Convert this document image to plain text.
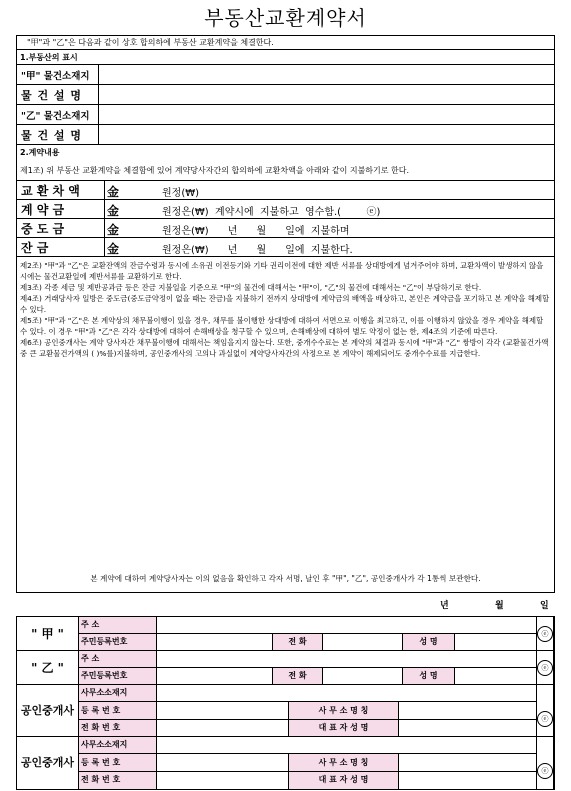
부동산교환계약서
"甲"과 "乙"은 다음과 같이 상호 합의하에 부동산 교환계약을 체결한다.
1.부동산의 표시
"甲" 물건소재지
물 건 설 명
"乙" 물건소재지
물 건 설 명
2.계약내용
제1조) 위 부동산 교환계약을 체결함에 있어 계약당사자간의 합의하에 교환차액을 아래와 같이 지불하기로 한다.
교 환 차 액	金	원정(₩)
계 약 금	金	원정은(₩)  계약시에  지불하고  영수함.(        ⓔ)
중 도 금	金	원정은(₩)      년      월      일에  지불하며
잔 금	金	원정은(₩)      년      월      일에  지불한다.
제2조) "甲"과 "乙"은 교환잔액의 잔금수령과 동시에 소유권 이전등기와 기타 권리이전에 대한 제반 서류를 상대방에게 넘겨주어야 하며, 교환차액이 발생하지 않을 시에는 물건교환일에 제반서류를 교환하기로 한다.
제3조) 각종 세금 및 제반공과금 등은 잔금 지불일을 기준으로 "甲"의 물건에 대해서는 "甲"이, "乙"의 물건에 대해서는 "乙"이 부담하기로 한다.
제4조) 거래당사자 일방은 중도금(중도금약정이 없을 때는 잔금)을 지불하기 전까지 상대방에 계약금의 배액을 배상하고, 본인은 계약금을 포기하고 본 계약을 해제할 수 있다.
제5조) "甲"과 "乙"은 본 계약상의 채무불이행이 있을 경우, 채무를 불이행한 상대방에 대하여 서면으로 이행을 최고하고, 이를 이행하지 않았을 경우 계약을 해제할 수 있다. 이 경우 "甲"과 "乙"은 각각 상대방에 대하여 손해배상을 청구할 수 있으며, 손해배상에 대하여 별도 약정이 없는 한, 제4조의 기준에 따른다.
제6조) 공인중개사는 계약 당사자간 채무불이행에 대해서는 책임을지지 않는다. 또한, 중개수수료는 본 계약의 체결과 동시에 "甲"과 "乙" 쌍방이 각각 (교환물건가액 중 큰 교환물건가액의 ( )%를)지불하며, 공인중개사의 고의나 과실없이 계약당사자간의 사정으로 본 계약이 해제되어도 중개수수료를 지급한다.
본 계약에 대하여 계약당사자는 이의 없음을 확인하고 각자 서명, 날인 후 "甲", "乙", 공인중개사가 각 1통씩 보관한다.
년	월	일
" 甲 "
주 소
주민등록번호	전 화	성 명
ⓔ
" 乙 "
주 소
주민등록번호	전 화	성 명
ⓔ
공인중개사
사무소소재지
등 록 번 호	사 무 소 명 칭
전 화 번 호	대 표 자 성 명
ⓔ
공인중개사
사무소소재지
등 록 번 호	사 무 소 명 칭
전 화 번 호	대 표 자 성 명
ⓔ
